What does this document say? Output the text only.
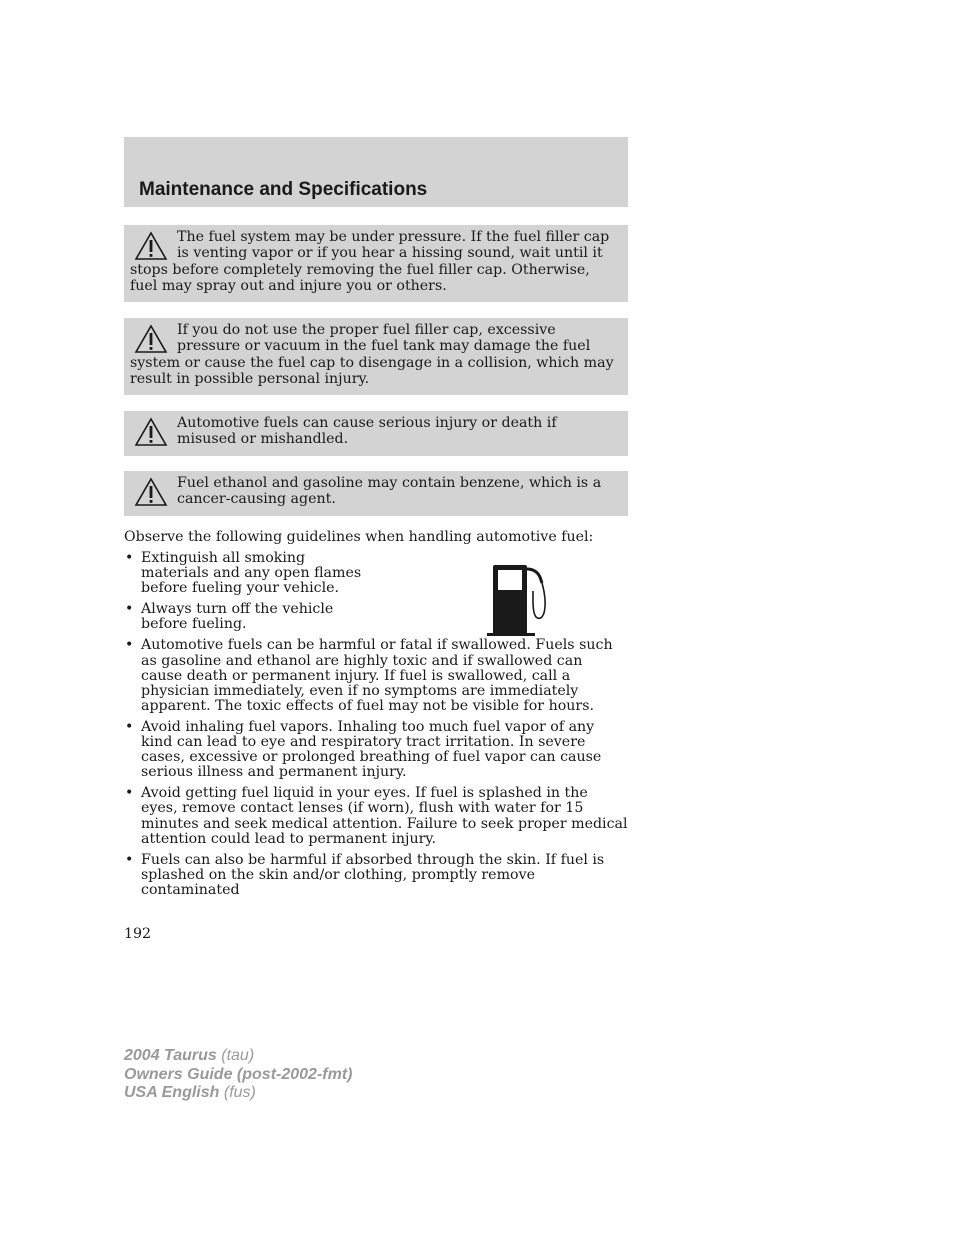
Maintenance and Specifications
The fuel system may be under pressure. If the fuel filler cap is venting vapor or if you hear a hissing sound, wait until it stops before completely removing the fuel filler cap. Otherwise, fuel may spray out and injure you or others.
If you do not use the proper fuel filler cap, excessive pressure or vacuum in the fuel tank may damage the fuel system or cause the fuel cap to disengage in a collision, which may result in possible personal injury.
Automotive fuels can cause serious injury or death if misused or mishandled.
Fuel ethanol and gasoline may contain benzene, which is a cancer-causing agent.
Observe the following guidelines when handling automotive fuel:
• Extinguish all smoking materials and any open flames before fueling your vehicle.
• Always turn off the vehicle before fueling.
• Automotive fuels can be harmful or fatal if swallowed. Fuels such as gasoline and ethanol are highly toxic and if swallowed can cause death or permanent injury. If fuel is swallowed, call a physician immediately, even if no symptoms are immediately apparent. The toxic effects of fuel may not be visible for hours.
• Avoid inhaling fuel vapors. Inhaling too much fuel vapor of any kind can lead to eye and respiratory tract irritation. In severe cases, excessive or prolonged breathing of fuel vapor can cause serious illness and permanent injury.
• Avoid getting fuel liquid in your eyes. If fuel is splashed in the eyes, remove contact lenses (if worn), flush with water for 15 minutes and seek medical attention. Failure to seek proper medical attention could lead to permanent injury.
• Fuels can also be harmful if absorbed through the skin. If fuel is splashed on the skin and/or clothing, promptly remove contaminated
192
2004 Taurus (tau)
Owners Guide (post-2002-fmt)
USA English (fus)
